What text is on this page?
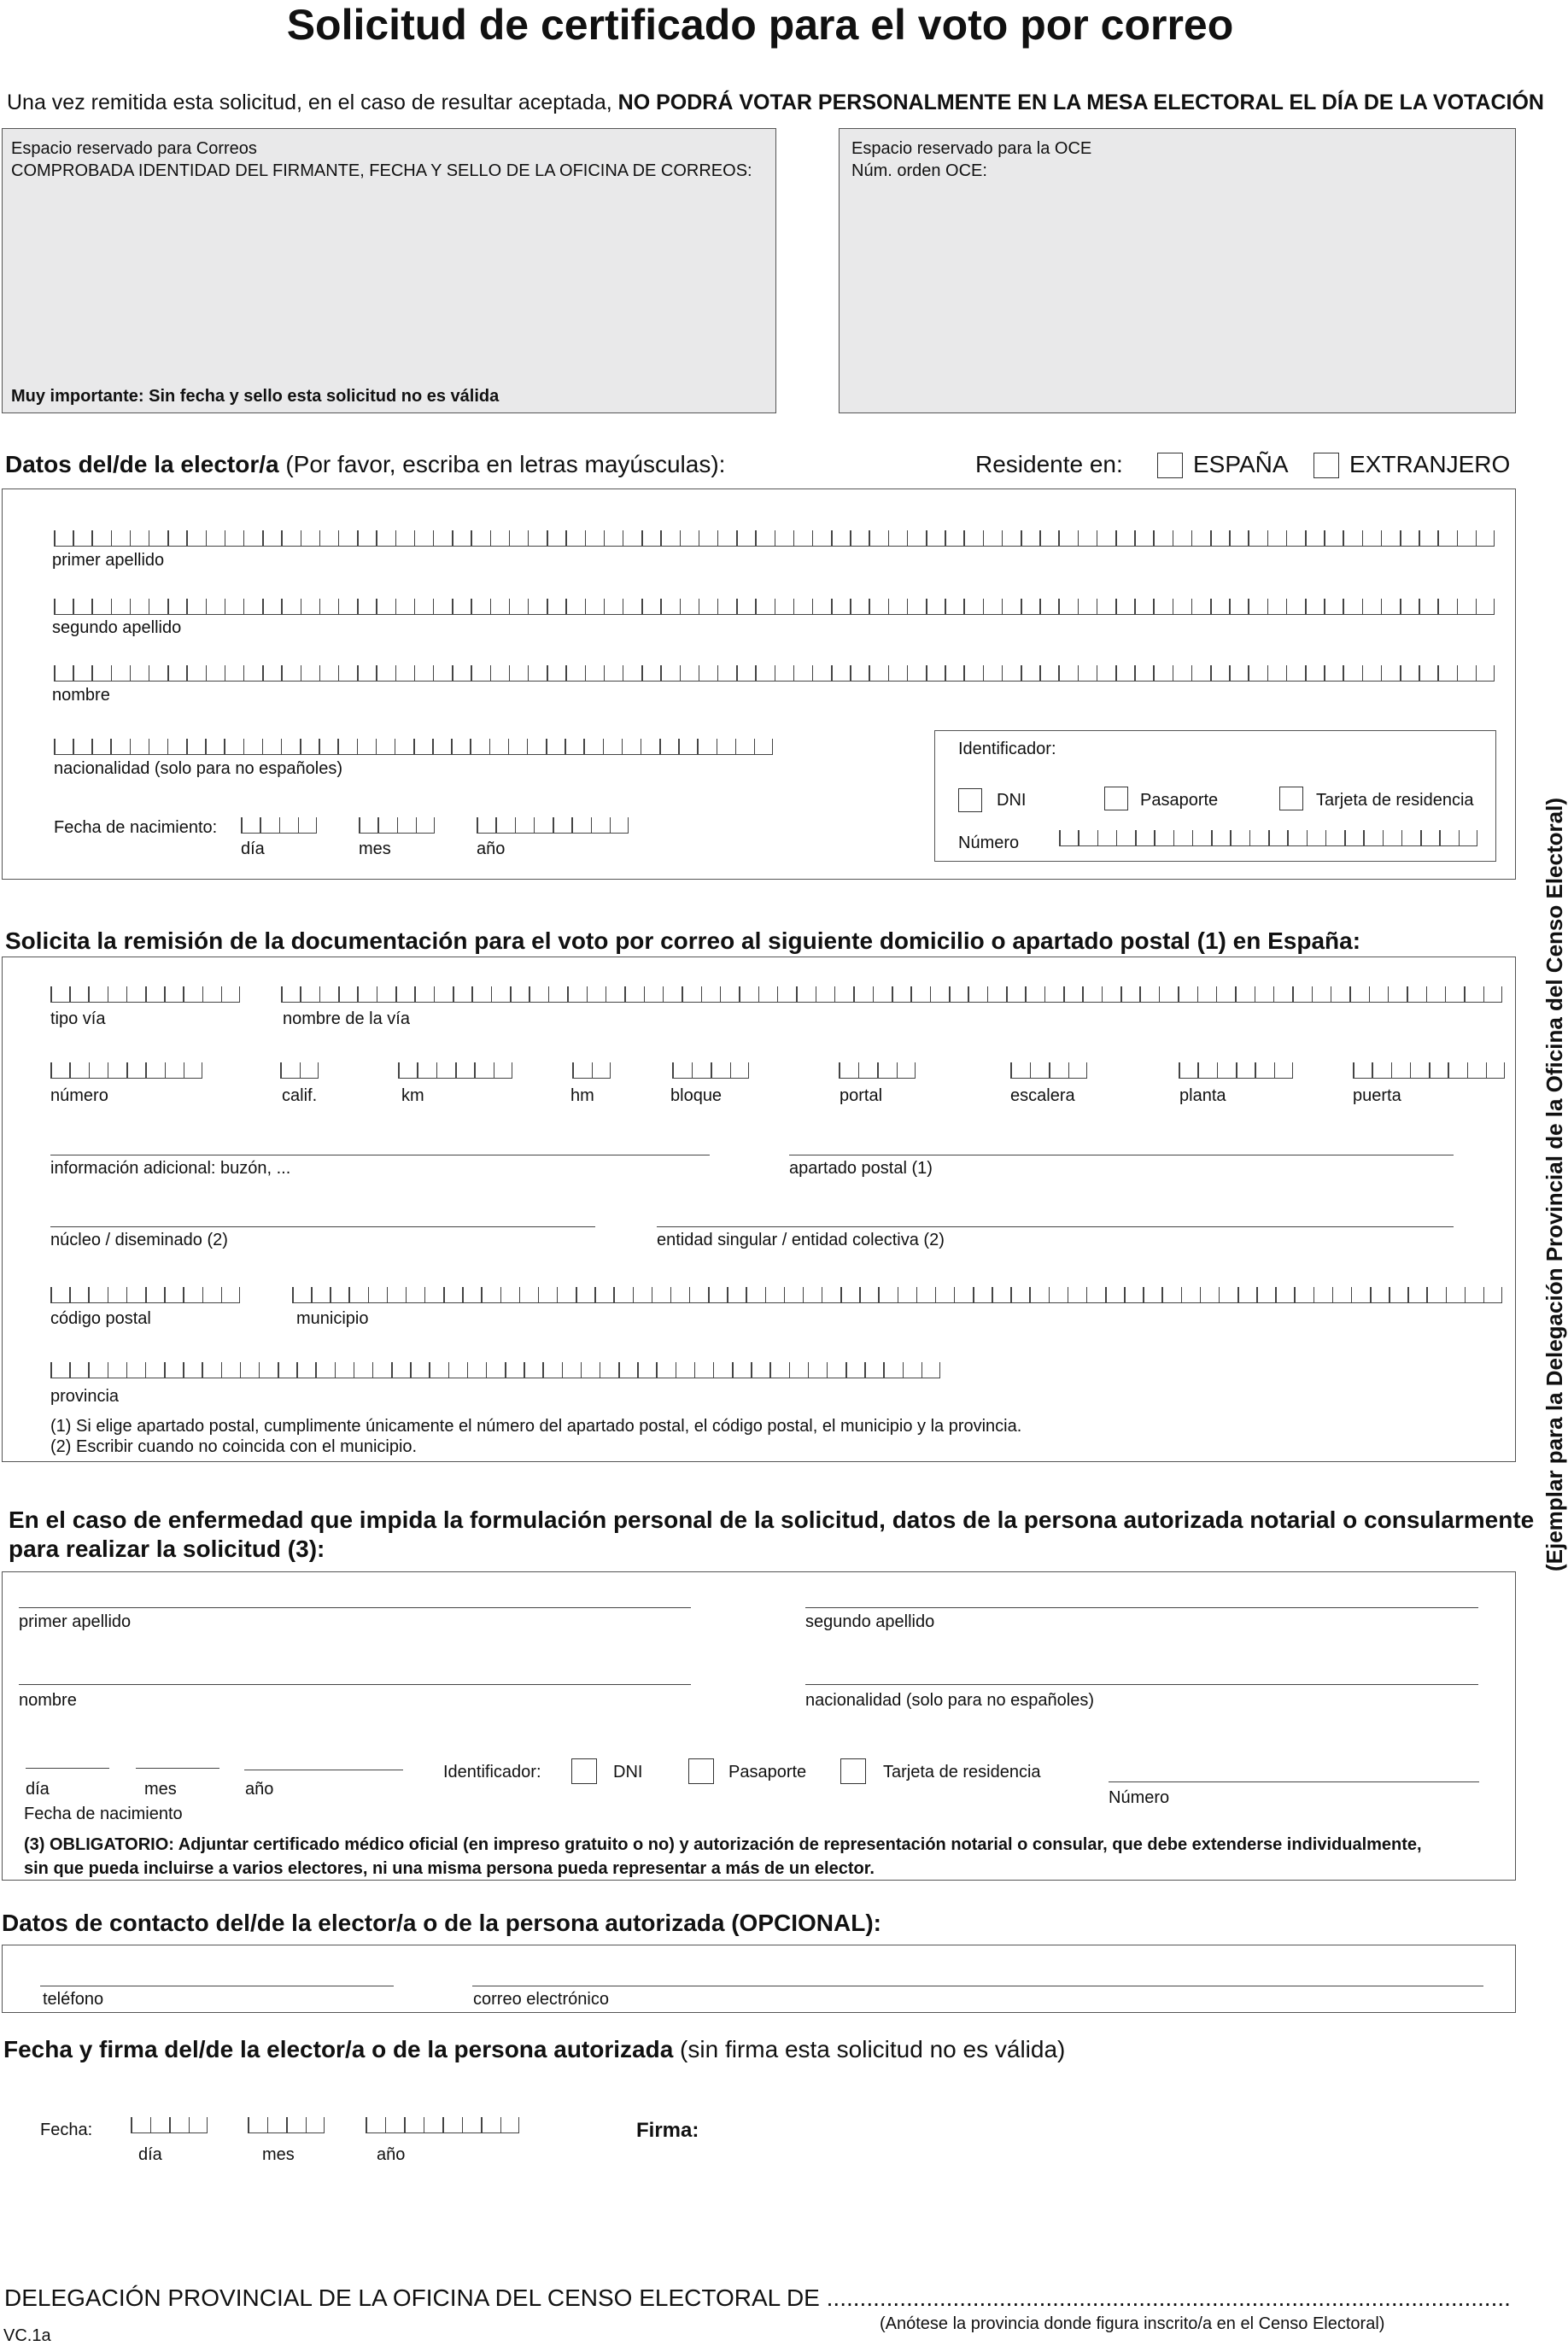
Solicitud de certificado para el voto por correo
Una vez remitida esta solicitud, en el caso de resultar aceptada, NO PODRÁ VOTAR PERSONALMENTE EN LA MESA ELECTORAL EL DÍA DE LA VOTACIÓN
Espacio reservado para Correos
COMPROBADA IDENTIDAD DEL FIRMANTE, FECHA Y SELLO DE LA OFICINA DE CORREOS:
Muy importante: Sin fecha y sello esta solicitud no es válida
Espacio reservado para la OCE
Núm. orden OCE:
Datos del/de la elector/a (Por favor, escriba en letras mayúsculas):	Residente en:	ESPAÑA	EXTRANJERO
primer apellido
segundo apellido
nombre
nacionalidad (solo para no españoles)
Fecha de nacimiento:
día	mes	año
Identificador:
DNI	Pasaporte	Tarjeta de residencia
Número
Solicita la remisión de la documentación para el voto por correo al siguiente domicilio o apartado postal (1) en España:
tipo vía	nombre de la vía
número	calif.	km	hm	bloque	portal	escalera	planta	puerta
información adicional: buzón, ...	apartado postal (1)
núcleo / diseminado (2)	entidad singular / entidad colectiva (2)
código postal	municipio
provincia
(1) Si elige apartado postal, cumplimente únicamente el número del apartado postal, el código postal, el municipio y la provincia.
(2) Escribir cuando no coincida con el municipio.
En el caso de enfermedad que impida la formulación personal de la solicitud, datos de la persona autorizada notarial o consularmente
para realizar la solicitud (3):
primer apellido	segundo apellido
nombre	nacionalidad (solo para no españoles)
día	mes	año
Fecha de nacimiento
Identificador:	DNI	Pasaporte	Tarjeta de residencia
Número
(3) OBLIGATORIO: Adjuntar certificado médico oficial (en impreso gratuito o no) y autorización de representación notarial o consular, que debe extenderse individualmente,
sin que pueda incluirse a varios electores, ni una misma persona pueda representar a más de un elector.
Datos de contacto del/de la elector/a o de la persona autorizada (OPCIONAL):
teléfono	correo electrónico
Fecha y firma del/de la elector/a o de la persona autorizada (sin firma esta solicitud no es válida)
Fecha:
día	mes	año
Firma:
DELEGACIÓN PROVINCIAL DE LA OFICINA DEL CENSO ELECTORAL DE .......................................................................................................
(Anótese la provincia donde figura inscrito/a en el Censo Electoral)
VC.1a
(Ejemplar para la Delegación Provincial de la Oficina del Censo Electoral)
